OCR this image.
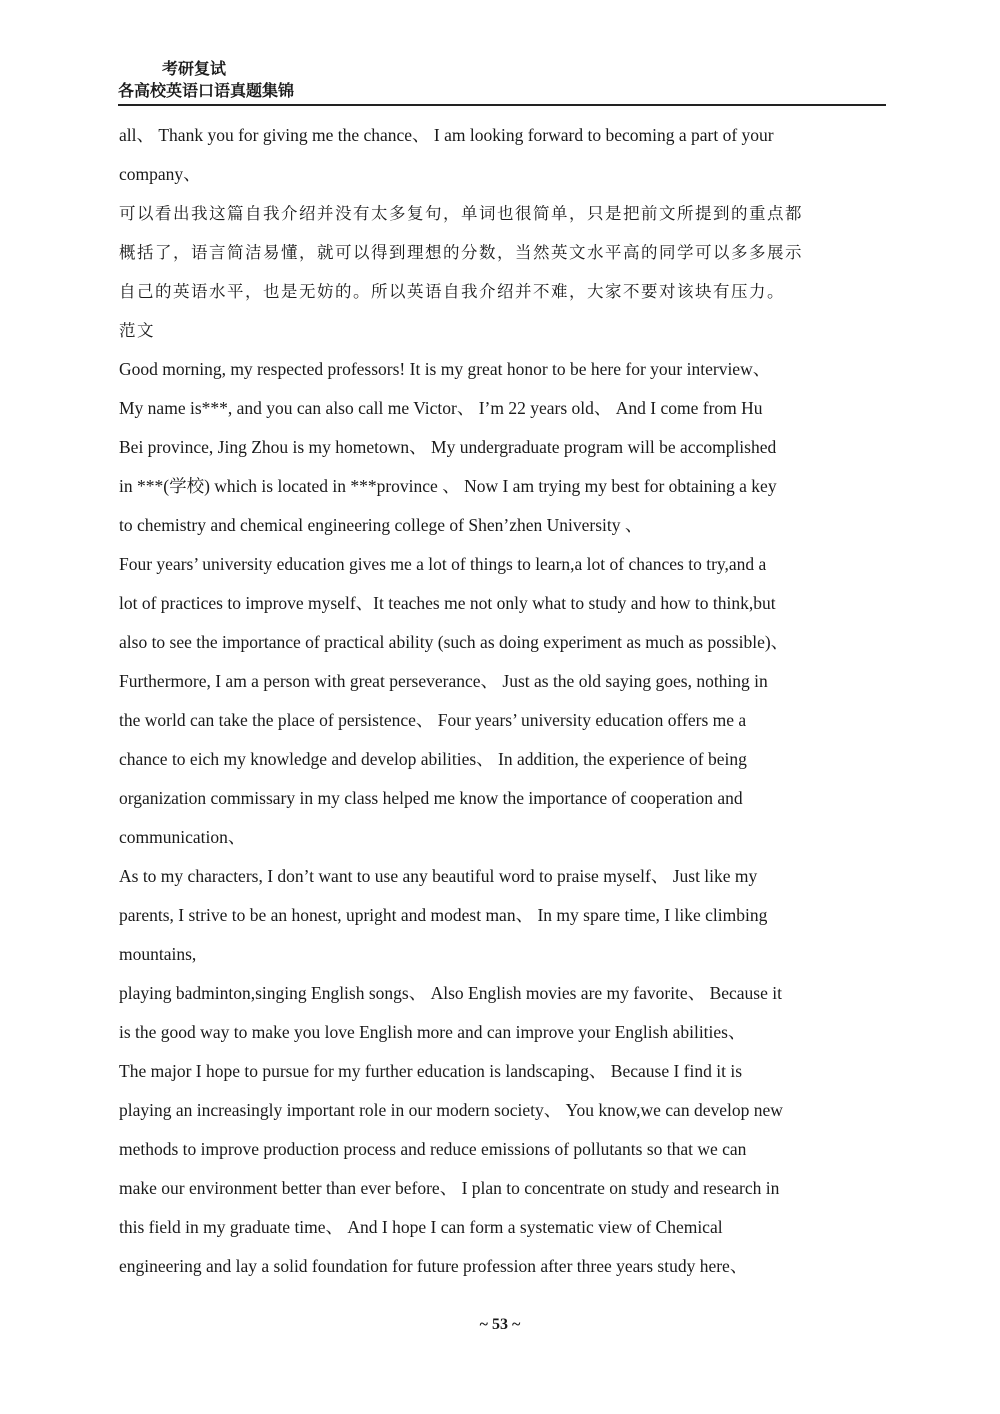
考研复试
各高校英语口语真题集锦
all、 Thank you for giving me the chance、 I am looking forward to becoming a part of your
company、
可以看出我这篇自我介绍并没有太多复句，单词也很简单，只是把前文所提到的重点都
概括了，语言简洁易懂，就可以得到理想的分数，当然英文水平高的同学可以多多展示
自己的英语水平，也是无妨的。所以英语自我介绍并不难，大家不要对该块有压力。
范文
Good morning, my respected professors! It is my great honor to be here for your interview、
My name is***, and you can also call me Victor、 I’m 22 years old、 And I come from Hu
Bei province, Jing Zhou is my hometown、 My undergraduate program will be accomplished
in ***(学校) which is located in ***province 、 Now I am trying my best for obtaining a key
to chemistry and chemical engineering college of Shen’zhen University 、
Four years’ university education gives me a lot of things to learn,a lot of chances to try,and a
lot of practices to improve myself、It teaches me not only what to study and how to think,but
also to see the importance of practical ability (such as doing experiment as much as possible)、
Furthermore, I am a person with great perseverance、 Just as the old saying goes, nothing in
the world can take the place of persistence、 Four years’ university education offers me a
chance to eich my knowledge and develop abilities、 In addition, the experience of being
organization commissary in my class helped me know the importance of cooperation and
communication、
As to my characters, I don’t want to use any beautiful word to praise myself、 Just like my
parents, I strive to be an honest, upright and modest man、 In my spare time, I like climbing
mountains,
playing badminton,singing English songs、 Also English movies are my favorite、 Because it
is the good way to make you love English more and can improve your English abilities、
The major I hope to pursue for my further education is landscaping、 Because I find it is
playing an increasingly important role in our modern society、 You know,we can develop new
methods to improve production process and reduce emissions of pollutants so that we can
make our environment better than ever before、 I plan to concentrate on study and research in
this field in my graduate time、 And I hope I can form a systematic view of Chemical
engineering and lay a solid foundation for future profession after three years study here、
~ 53 ~
